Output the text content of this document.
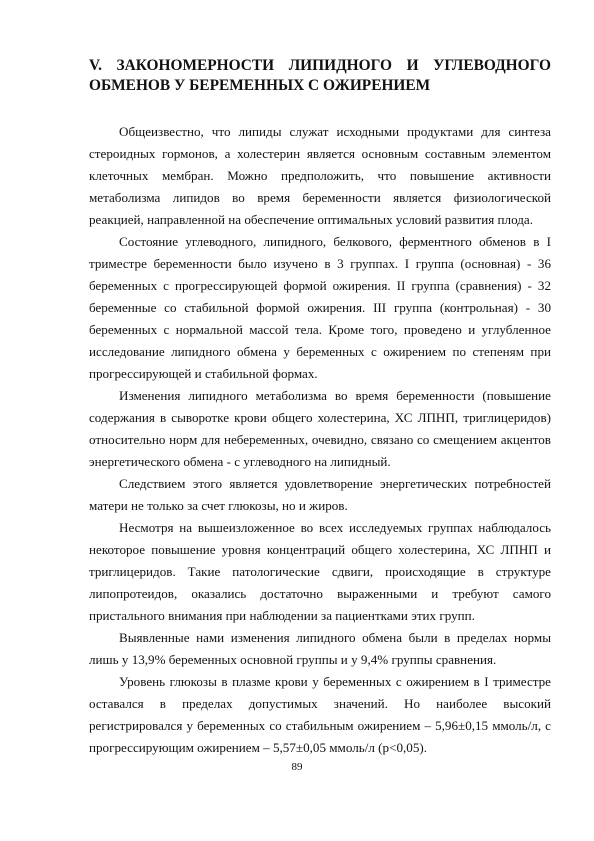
V. ЗАКОНОМЕРНОСТИ ЛИПИДНОГО И УГЛЕВОДНОГО ОБМЕНОВ У БЕРЕМЕННЫХ С ОЖИРЕНИЕМ

Общеизвестно, что липиды служат исходными продуктами для синтеза стероидных гормонов, а холестерин является основным составным элементом клеточных мембран. Можно предположить, что повышение активности метаболизма липидов во время беременности является физиологической реакцией, направленной на обеспечение оптимальных условий развития плода.

Состояние углеводного, липидного, белкового, ферментного обменов в I триместре беременности было изучено в 3 группах. I группа (основная) - 36 беременных с прогрессирующей формой ожирения. II группа (сравнения) - 32 беременные со стабильной формой ожирения. III группа (контрольная) - 30 беременных с нормальной массой тела. Кроме того, проведено и углубленное исследование липидного обмена у беременных с ожирением по степеням при прогрессирующей и стабильной формах.

Изменения липидного метаболизма во время беременности (повышение содержания в сыворотке крови общего холестерина, ХС ЛПНП, триглицеридов) относительно норм для небеременных, очевидно, связано со смещением акцентов энергетического обмена - с углеводного на липидный.

Следствием этого является удовлетворение энергетических потребностей матери не только за счет глюкозы, но и жиров.

Несмотря на вышеизложенное во всех исследуемых группах наблюдалось некоторое повышение уровня концентраций общего холестерина, ХС ЛПНП и триглицеридов. Такие патологические сдвиги, происходящие в структуре липопротеидов, оказались достаточно выраженными и требуют самого пристального внимания при наблюдении за пациентками этих групп.

Выявленные нами изменения липидного обмена были в пределах нормы лишь у 13,9% беременных основной группы и у 9,4% группы сравнения.

Уровень глюкозы в плазме крови у беременных с ожирением в I триместре оставался в пределах допустимых значений. Но наиболее высокий регистрировался у беременных со стабильным ожирением – 5,96±0,15 ммоль/л, с прогрессирующим ожирением – 5,57±0,05 ммоль/л (р<0,05).

89
